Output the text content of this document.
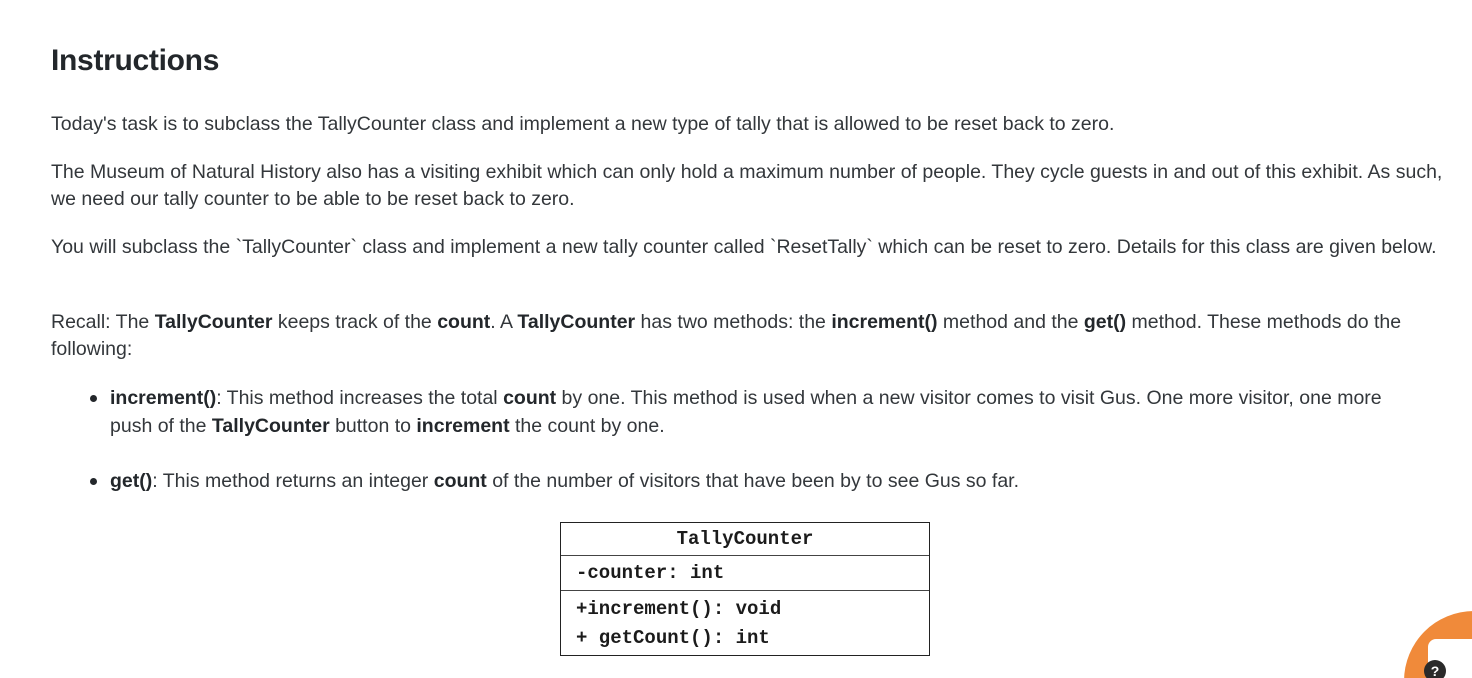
Instructions

Today's task is to subclass the TallyCounter class and implement a new type of tally that is allowed to be reset back to zero.

The Museum of Natural History also has a visiting exhibit which can only hold a maximum number of people. They cycle guests in and out of this exhibit. As such, we need our tally counter to be able to be reset back to zero.

You will subclass the `TallyCounter` class and implement a new tally counter called `ResetTally` which can be reset to zero. Details for this class are given below.

Recall: The TallyCounter keeps track of the count. A TallyCounter has two methods: the increment() method and the get() method. These methods do the following:

increment(): This method increases the total count by one. This method is used when a new visitor comes to visit Gus. One more visitor, one more push of the TallyCounter button to increment the count by one.
get(): This method returns an integer count of the number of visitors that have been by to see Gus so far.
TallyCounter
-counter: int
+increment(): void
+ getCount(): int
?
